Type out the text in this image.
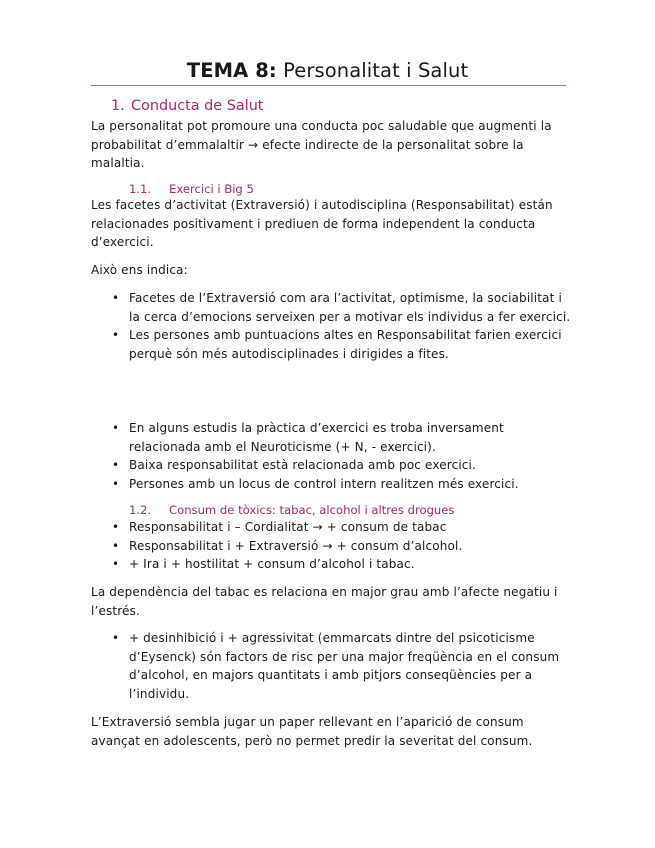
TEMA 8: Personalitat i Salut
1. Conducta de Salut
La personalitat pot promoure una conducta poc saludable que augmenti la probabilitat d’emmalaltir → efecte indirecte de la personalitat sobre la malaltia.
1.1. Exercici i Big 5
Les facetes d’activitat (Extraversió) i autodisciplina (Responsabilitat) están relacionades positivament i prediuen de forma independent la conducta d’exercici.
Això ens indica:
• Facetes de l’Extraversió com ara l’activitat, optimisme, la sociabilitat i la cerca d’emocions serveixen per a motivar els individus a fer exercici.
• Les persones amb puntuacions altes en Responsabilitat farien exercici perquè són més autodisciplinades i dirigides a fites.
• En alguns estudis la pràctica d’exercici es troba inversament relacionada amb el Neuroticisme (+ N, - exercici).
• Baixa responsabilitat està relacionada amb poc exercici.
• Persones amb un locus de control intern realitzen més exercici.
1.2. Consum de tòxics: tabac, alcohol i altres drogues
• Responsabilitat i – Cordialitat → + consum de tabac
• Responsabilitat i + Extraversió → + consum d’alcohol.
• + Ira i + hostilitat + consum d’alcohol i tabac.
La dependència del tabac es relaciona en major grau amb l’afecte negatiu i l’estrés.
• + desinhibició i + agressivitat (emmarcats dintre del psicoticisme d’Eysenck) són factors de risc per una major freqüència en el consum d’alcohol, en majors quantitats i amb pitjors conseqüències per a l’individu.
L’Extraversió sembla jugar un paper rellevant en l’aparició de consum avançat en adolescents, però no permet predir la severitat del consum.
